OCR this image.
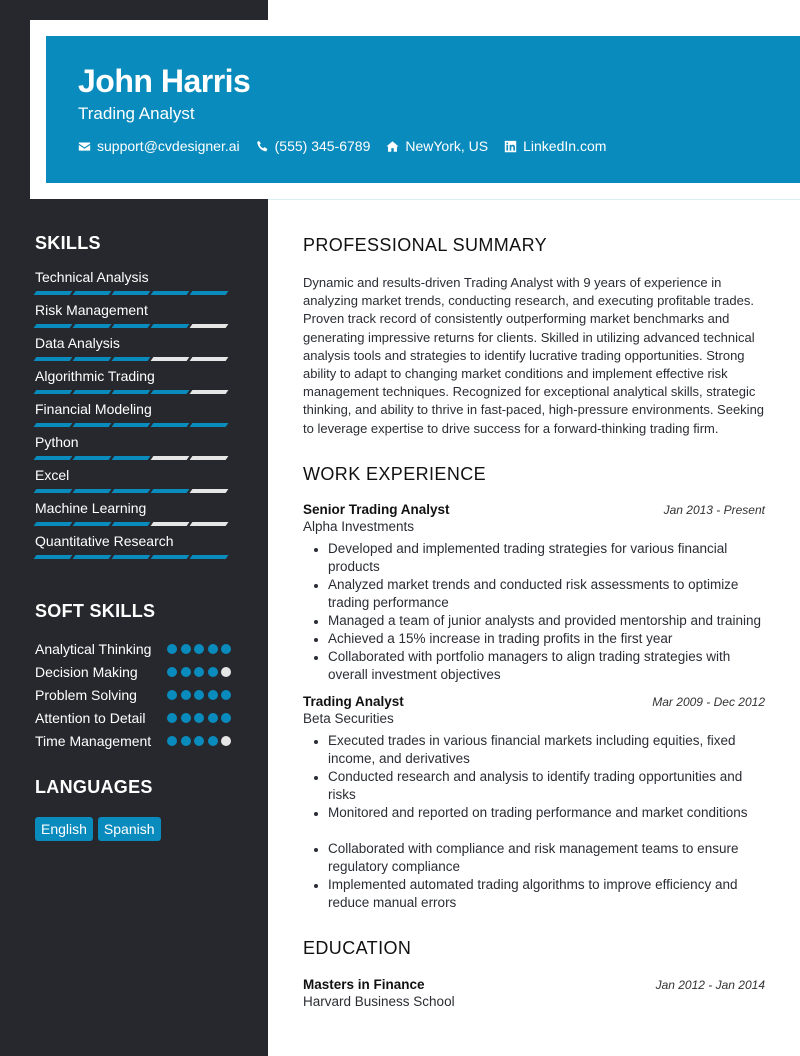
John Harris
Trading Analyst
support@cvdesigner.ai	(555) 345-6789	NewYork, US	LinkedIn.com
SKILLS
Technical Analysis
Risk Management
Data Analysis
Algorithmic Trading
Financial Modeling
Python
Excel
Machine Learning
Quantitative Research
SOFT SKILLS
Analytical Thinking
Decision Making
Problem Solving
Attention to Detail
Time Management
LANGUAGES
English	Spanish
PROFESSIONAL SUMMARY
Dynamic and results-driven Trading Analyst with 9 years of experience in analyzing market trends, conducting research, and executing profitable trades. Proven track record of consistently outperforming market benchmarks and generating impressive returns for clients. Skilled in utilizing advanced technical analysis tools and strategies to identify lucrative trading opportunities. Strong ability to adapt to changing market conditions and implement effective risk management techniques. Recognized for exceptional analytical skills, strategic thinking, and ability to thrive in fast-paced, high-pressure environments. Seeking to leverage expertise to drive success for a forward-thinking trading firm.
WORK EXPERIENCE
Senior Trading Analyst	Jan 2013 - Present
Alpha Investments
Developed and implemented trading strategies for various financial products
Analyzed market trends and conducted risk assessments to optimize trading performance
Managed a team of junior analysts and provided mentorship and training
Achieved a 15% increase in trading profits in the first year
Collaborated with portfolio managers to align trading strategies with overall investment objectives
Trading Analyst	Mar 2009 - Dec 2012
Beta Securities
Executed trades in various financial markets including equities, fixed income, and derivatives
Conducted research and analysis to identify trading opportunities and risks
Monitored and reported on trading performance and market conditions
Collaborated with compliance and risk management teams to ensure regulatory compliance
Implemented automated trading algorithms to improve efficiency and reduce manual errors
EDUCATION
Masters in Finance	Jan 2012 - Jan 2014
Harvard Business School
